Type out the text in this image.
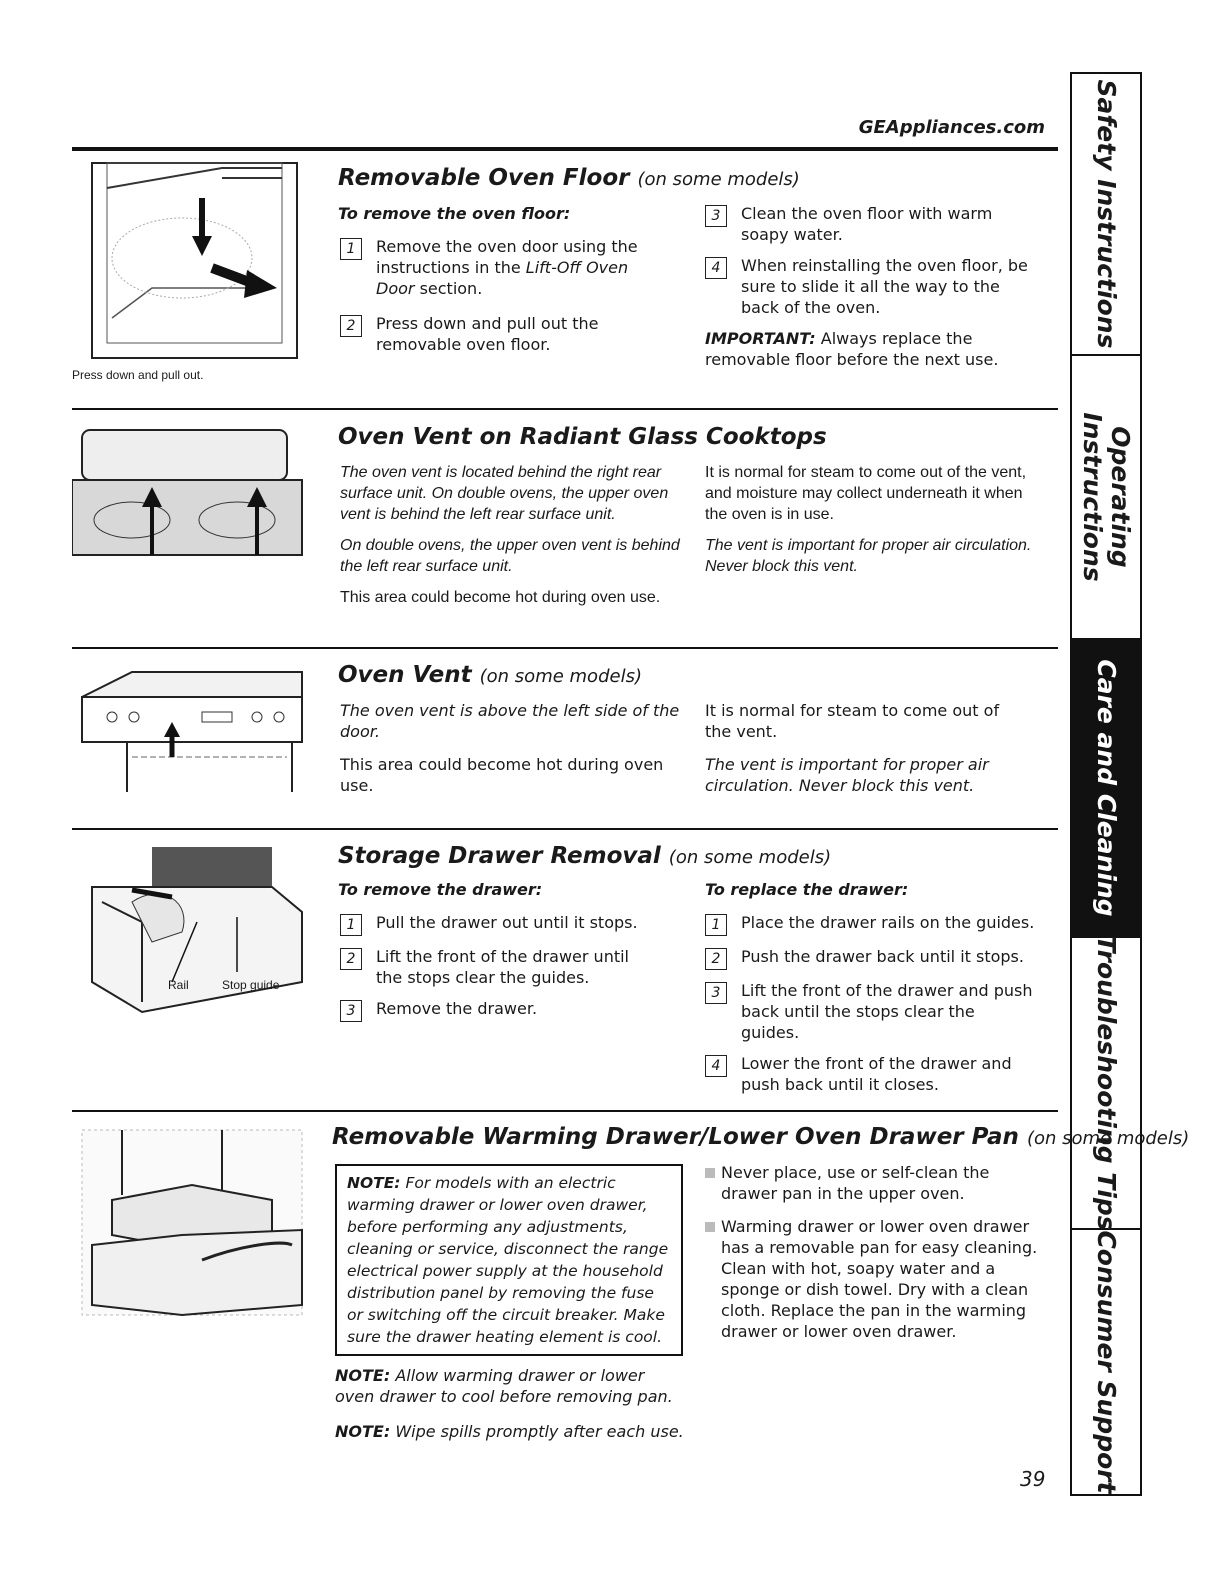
GEAppliances.com
Press down and pull out.
Removable Oven Floor (on some models)
To remove the oven floor:
1	Remove the oven door using the instructions in the Lift-Off Oven Door section.
2	Press down and pull out the removable oven floor.
3	Clean the oven floor with warm soapy water.
4	When reinstalling the oven floor, be sure to slide it all the way to the back of the oven.
IMPORTANT: Always replace the removable floor before the next use.
Oven Vent on Radiant Glass Cooktops
The oven vent is located behind the right rear surface unit. On double ovens, the upper oven vent is behind the left rear surface unit.
On double ovens, the upper oven vent is behind the left rear surface unit.
This area could become hot during oven use.
It is normal for steam to come out of the vent, and moisture may collect underneath it when the oven is in use.
The vent is important for proper air circulation. Never block this vent.
Oven Vent (on some models)
The oven vent is above the left side of the door.
This area could become hot during oven use.
It is normal for steam to come out of the vent.
The vent is important for proper air circulation. Never block this vent.
Rail	Stop guide
Storage Drawer Removal (on some models)
To remove the drawer:
1	Pull the drawer out until it stops.
2	Lift the front of the drawer until the stops clear the guides.
3	Remove the drawer.
To replace the drawer:
1	Place the drawer rails on the guides.
2	Push the drawer back until it stops.
3	Lift the front of the drawer and push back until the stops clear the guides.
4	Lower the front of the drawer and push back until it closes.
Removable Warming Drawer/Lower Oven Drawer Pan (on some models)
NOTE: For models with an electric warming drawer or lower oven drawer, before performing any adjustments, cleaning or service, disconnect the range electrical power supply at the household distribution panel by removing the fuse or switching off the circuit breaker. Make sure the drawer heating element is cool.
NOTE: Allow warming drawer or lower oven drawer to cool before removing pan.
NOTE: Wipe spills promptly after each use.
Never place, use or self-clean the drawer pan in the upper oven.
Warming drawer or lower oven drawer has a removable pan for easy cleaning. Clean with hot, soapy water and a sponge or dish towel. Dry with a clean cloth. Replace the pan in the warming drawer or lower oven drawer.
39
Safety Instructions
Operating
Instructions
Care and Cleaning
Troubleshooting Tips
Consumer Support
